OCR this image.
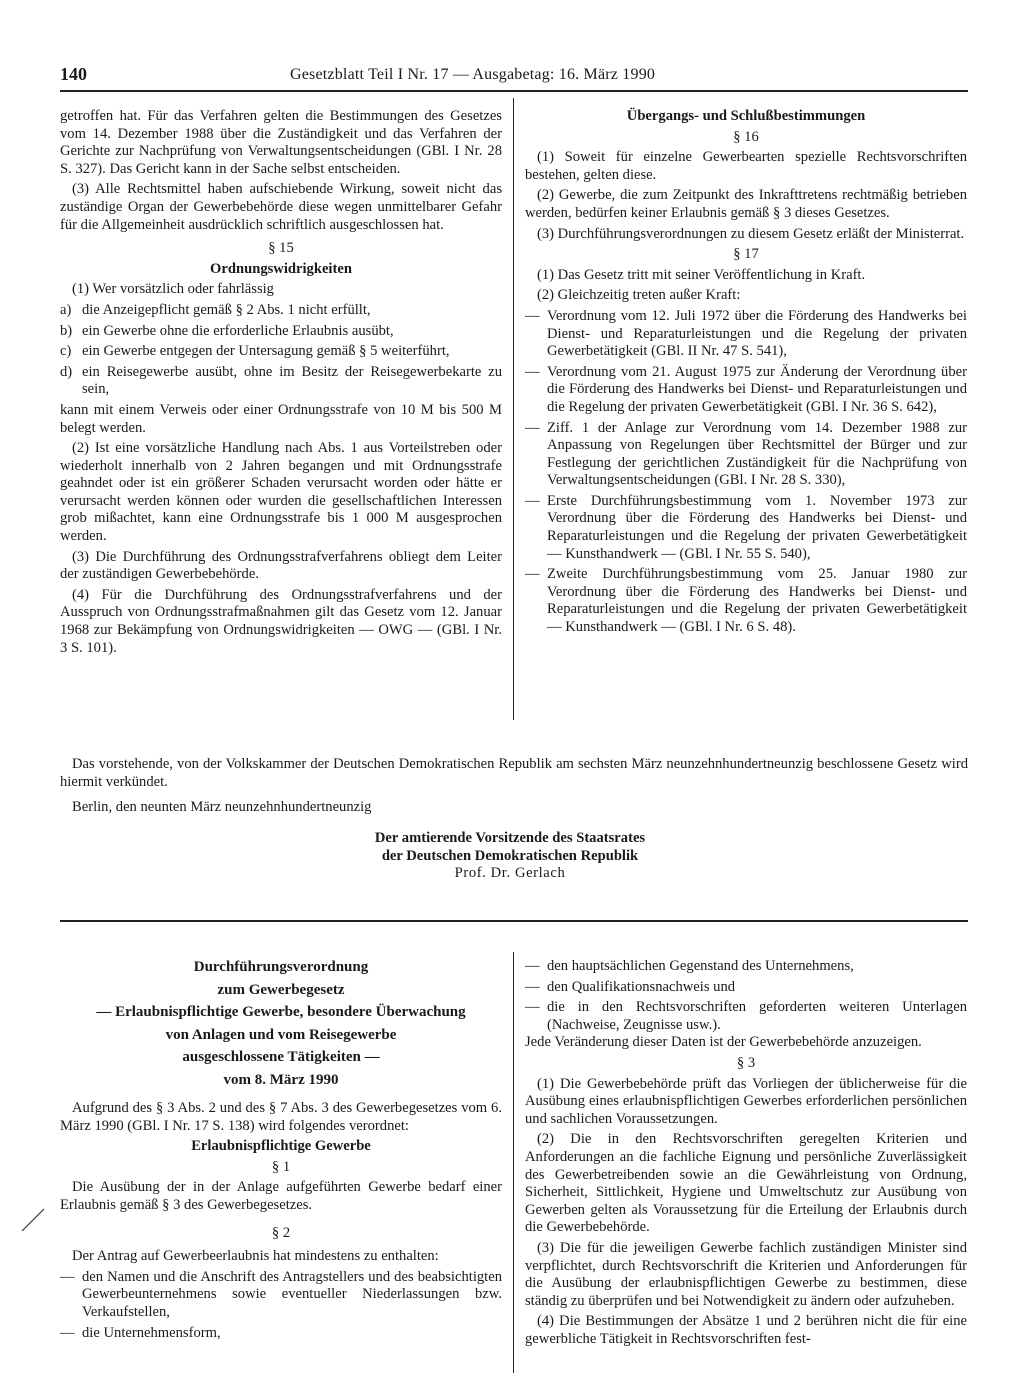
140	Gesetzblatt Teil I Nr. 17 — Ausgabetag: 16. März 1990

getroffen hat. Für das Verfahren gelten die Bestimmungen des Gesetzes vom 14. Dezember 1988 über die Zuständigkeit und das Verfahren der Gerichte zur Nachprüfung von Verwaltungsentscheidungen (GBl. I Nr. 28 S. 327). Das Gericht kann in der Sache selbst entscheiden.

(3) Alle Rechtsmittel haben aufschiebende Wirkung, soweit nicht das zuständige Organ der Gewerbebehörde diese wegen unmittelbarer Gefahr für die Allgemeinheit ausdrücklich schriftlich ausgeschlossen hat.

§ 15

Ordnungswidrigkeiten

(1) Wer vorsätzlich oder fahrlässig

a) die Anzeigepflicht gemäß § 2 Abs. 1 nicht erfüllt,
b) ein Gewerbe ohne die erforderliche Erlaubnis ausübt,
c) ein Gewerbe entgegen der Untersagung gemäß § 5 weiterführt,
d) ein Reisegewerbe ausübt, ohne im Besitz der Reisegewerbekarte zu sein,

kann mit einem Verweis oder einer Ordnungsstrafe von 10 M bis 500 M belegt werden.

(2) Ist eine vorsätzliche Handlung nach Abs. 1 aus Vorteilstreben oder wiederholt innerhalb von 2 Jahren begangen und mit Ordnungsstrafe geahndet oder ist ein größerer Schaden verursacht worden oder hätte er verursacht werden können oder wurden die gesellschaftlichen Interessen grob mißachtet, kann eine Ordnungsstrafe bis 1 000 M ausgesprochen werden.

(3) Die Durchführung des Ordnungsstrafverfahrens obliegt dem Leiter der zuständigen Gewerbebehörde.

(4) Für die Durchführung des Ordnungsstrafverfahrens und der Ausspruch von Ordnungsstrafmaßnahmen gilt das Gesetz vom 12. Januar 1968 zur Bekämpfung von Ordnungswidrigkeiten — OWG — (GBl. I Nr. 3 S. 101).

Übergangs- und Schlußbestimmungen

§ 16

(1) Soweit für einzelne Gewerbearten spezielle Rechtsvorschriften bestehen, gelten diese.

(2) Gewerbe, die zum Zeitpunkt des Inkrafttretens rechtmäßig betrieben werden, bedürfen keiner Erlaubnis gemäß § 3 dieses Gesetzes.

(3) Durchführungsverordnungen zu diesem Gesetz erläßt der Ministerrat.

§ 17

(1) Das Gesetz tritt mit seiner Veröffentlichung in Kraft.

(2) Gleichzeitig treten außer Kraft:

— Verordnung vom 12. Juli 1972 über die Förderung des Handwerks bei Dienst- und Reparaturleistungen und die Regelung der privaten Gewerbetätigkeit (GBl. II Nr. 47 S. 541),
— Verordnung vom 21. August 1975 zur Änderung der Verordnung über die Förderung des Handwerks bei Dienst- und Reparaturleistungen und die Regelung der privaten Gewerbetätigkeit (GBl. I Nr. 36 S. 642),
— Ziff. 1 der Anlage zur Verordnung vom 14. Dezember 1988 zur Anpassung von Regelungen über Rechtsmittel der Bürger und zur Festlegung der gerichtlichen Zuständigkeit für die Nachprüfung von Verwaltungsentscheidungen (GBl. I Nr. 28 S. 330),
— Erste Durchführungsbestimmung vom 1. November 1973 zur Verordnung über die Förderung des Handwerks bei Dienst- und Reparaturleistungen und die Regelung der privaten Gewerbetätigkeit — Kunsthandwerk — (GBl. I Nr. 55 S. 540),
— Zweite Durchführungsbestimmung vom 25. Januar 1980 zur Verordnung über die Förderung des Handwerks bei Dienst- und Reparaturleistungen und die Regelung der privaten Gewerbetätigkeit — Kunsthandwerk — (GBl. I Nr. 6 S. 48).

Das vorstehende, von der Volkskammer der Deutschen Demokratischen Republik am sechsten März neunzehnhundertneunzig beschlossene Gesetz wird hiermit verkündet.

Berlin, den neunten März neunzehnhundertneunzig

Der amtierende Vorsitzende des Staatsrates

der Deutschen Demokratischen Republik

Prof. Dr. Gerlach

Durchführungsverordnung

zum Gewerbegesetz

— Erlaubnispflichtige Gewerbe, besondere Überwachung

von Anlagen und vom Reisegewerbe

ausgeschlossene Tätigkeiten —

vom 8. März 1990

Aufgrund des § 3 Abs. 2 und des § 7 Abs. 3 des Gewerbegesetzes vom 6. März 1990 (GBl. I Nr. 17 S. 138) wird folgendes verordnet:

Erlaubnispflichtige Gewerbe

§ 1

Die Ausübung der in der Anlage aufgeführten Gewerbe bedarf einer Erlaubnis gemäß § 3 des Gewerbegesetzes.

§ 2

Der Antrag auf Gewerbeerlaubnis hat mindestens zu enthalten:

— den Namen und die Anschrift des Antragstellers und des beabsichtigten Gewerbeunternehmens sowie eventueller Niederlassungen bzw. Verkaufstellen,
— die Unternehmensform,
— den hauptsächlichen Gegenstand des Unternehmens,
— den Qualifikationsnachweis und
— die in den Rechtsvorschriften geforderten weiteren Unterlagen (Nachweise, Zeugnisse usw.).

Jede Veränderung dieser Daten ist der Gewerbebehörde anzuzeigen.

§ 3

(1) Die Gewerbebehörde prüft das Vorliegen der üblicherweise für die Ausübung eines erlaubnispflichtigen Gewerbes erforderlichen persönlichen und sachlichen Voraussetzungen.

(2) Die in den Rechtsvorschriften geregelten Kriterien und Anforderungen an die fachliche Eignung und persönliche Zuverlässigkeit des Gewerbetreibenden sowie an die Gewährleistung von Ordnung, Sicherheit, Sittlichkeit, Hygiene und Umweltschutz zur Ausübung von Gewerben gelten als Voraussetzung für die Erteilung der Erlaubnis durch die Gewerbebehörde.

(3) Die für die jeweiligen Gewerbe fachlich zuständigen Minister sind verpflichtet, durch Rechtsvorschrift die Kriterien und Anforderungen für die Ausübung der erlaubnispflichtigen Gewerbe zu bestimmen, diese ständig zu überprüfen und bei Notwendigkeit zu ändern oder aufzuheben.

(4) Die Bestimmungen der Absätze 1 und 2 berühren nicht die für eine gewerbliche Tätigkeit in Rechtsvorschriften fest-
